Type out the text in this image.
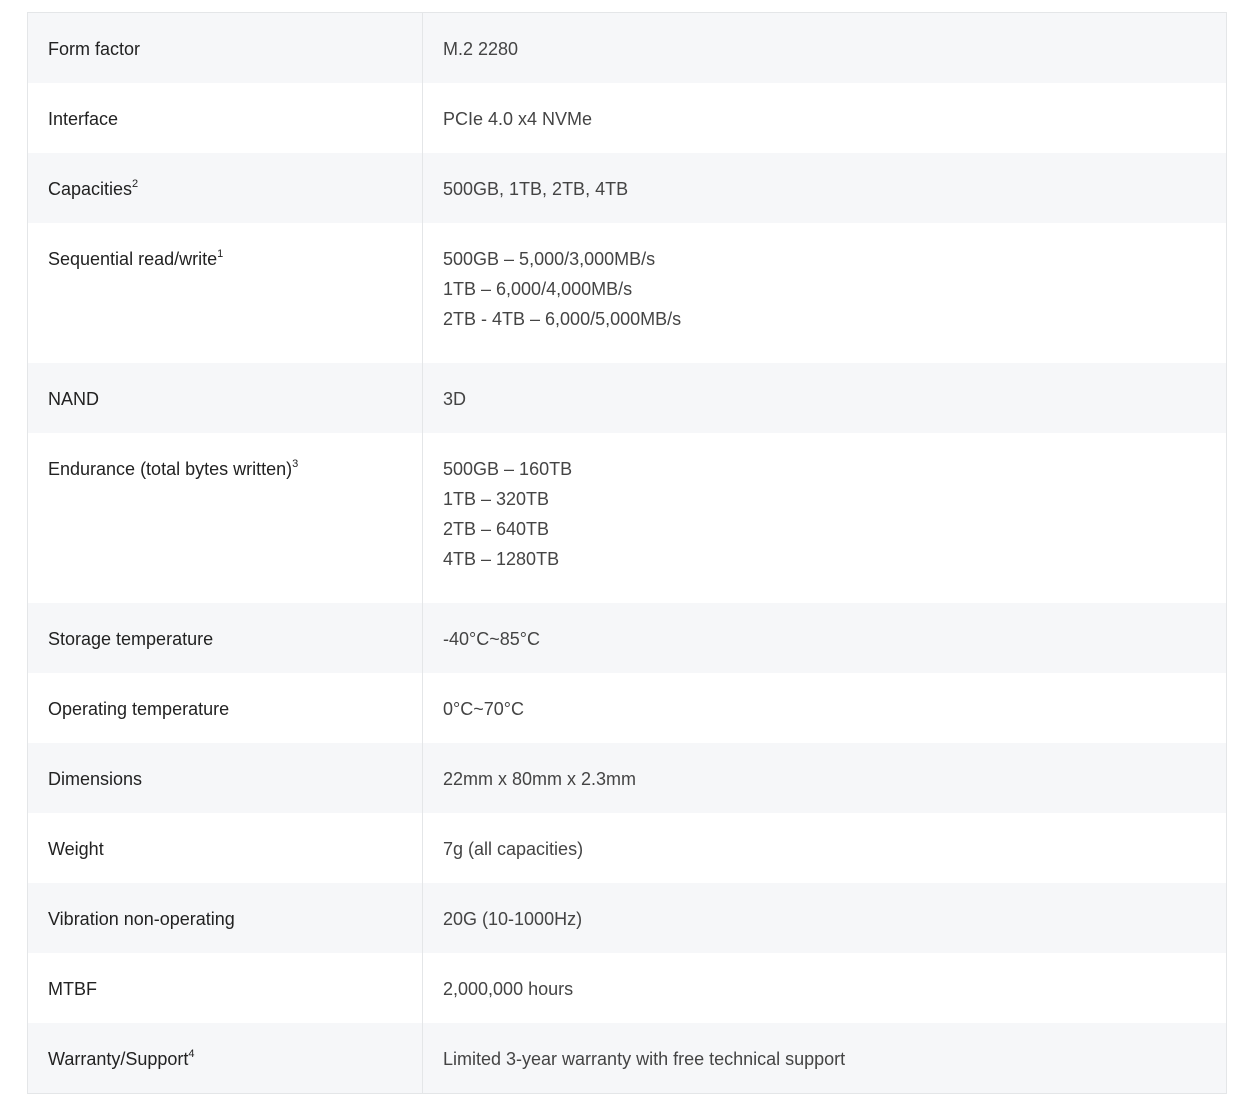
Form factor	M.2 2280
Interface	PCIe 4.0 x4 NVMe
Capacities$^2$	500GB, 1TB, 2TB, 4TB
Sequential read/write$^1$	500GB – 5,000/3,000MB/s
1TB – 6,000/4,000MB/s
2TB - 4TB – 6,000/5,000MB/s
NAND	3D
Endurance (total bytes written)$^3$	500GB – 160TB
1TB – 320TB
2TB – 640TB
4TB – 1280TB
Storage temperature	-40°C~85°C
Operating temperature	0°C~70°C
Dimensions	22mm x 80mm x 2.3mm
Weight	7g (all capacities)
Vibration non-operating	20G (10-1000Hz)
MTBF	2,000,000 hours
Warranty/Support$^4$	Limited 3-year warranty with free technical support
